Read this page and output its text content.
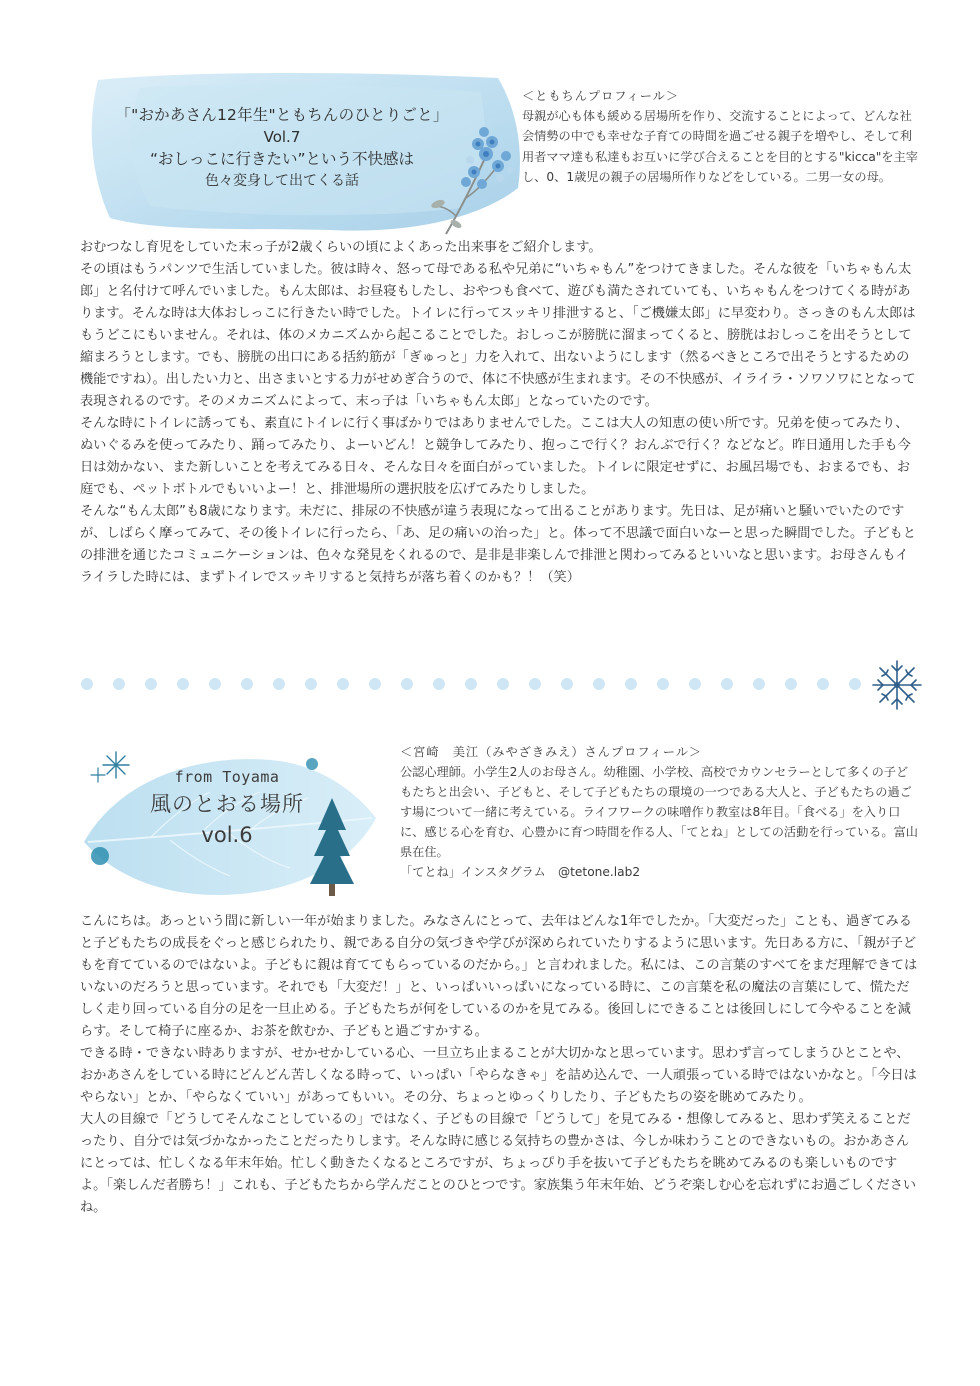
「"おかあさん12年生"ともちんのひとりごと」
Vol.7
“おしっこに行きたい”という不快感は
色々変身して出てくる話
＜ともちんプロフィール＞
母親が心も体も緩める居場所を作り、交流することによって、どんな社会情勢の中でも幸せな子育ての時間を過ごせる親子を増やし、そして利用者ママ達も私達もお互いに学び合えることを目的とする"kicca"を主宰し、0、1歳児の親子の居場所作りなどをしている。二男一女の母。

おむつなし育児をしていた末っ子が2歳くらいの頃によくあった出来事をご紹介します。

その頃はもうパンツで生活していました。彼は時々、怒って母である私や兄弟に“いちゃもん”をつけてきました。そんな彼を「いちゃもん太郎」と名付けて呼んでいました。もん太郎は、お昼寝もしたし、おやつも食べて、遊びも満たされていても、いちゃもんをつけてくる時があります。そんな時は大体おしっこに行きたい時でした。トイレに行ってスッキリ排泄すると、「ご機嫌太郎」に早変わり。さっきのもん太郎はもうどこにもいません。それは、体のメカニズムから起こることでした。おしっこが膀胱に溜まってくると、膀胱はおしっこを出そうとして縮まろうとします。でも、膀胱の出口にある括約筋が「ぎゅっと」力を入れて、出ないようにします（然るべきところで出そうとするための機能ですね）。出したい力と、出さまいとする力がせめぎ合うので、体に不快感が生まれます。その不快感が、イライラ・ソワソワにとなって表現されるのです。そのメカニズムによって、末っ子は「いちゃもん太郎」となっていたのです。

そんな時にトイレに誘っても、素直にトイレに行く事ばかりではありませんでした。ここは大人の知恵の使い所です。兄弟を使ってみたり、ぬいぐるみを使ってみたり、踊ってみたり、よーいどん！と競争してみたり、抱っこで行く？おんぶで行く？などなど。昨日通用した手も今日は効かない、また新しいことを考えてみる日々、そんな日々を面白がっていました。トイレに限定せずに、お風呂場でも、おまるでも、お庭でも、ペットボトルでもいいよー！と、排泄場所の選択肢を広げてみたりしました。

そんな“もん太郎”も8歳になります。未だに、排尿の不快感が違う表現になって出ることがあります。先日は、足が痛いと騒いでいたのですが、しばらく摩ってみて、その後トイレに行ったら、「あ、足の痛いの治った」と。体って不思議で面白いなーと思った瞬間でした。子どもとの排泄を通じたコミュニケーションは、色々な発見をくれるので、是非是非楽しんで排泄と関わってみるといいなと思います。お母さんもイライラした時には、まずトイレでスッキリすると気持ちが落ち着くのかも？！（笑）

from Toyama
風のとおる場所
vol.6
＜宮崎　美江（みやざきみえ）さんプロフィール＞
公認心理師。小学生2人のお母さん。幼稚園、小学校、高校でカウンセラーとして多くの子どもたちと出会い、子どもと、そして子どもたちの環境の一つである大人と、子どもたちの過ごす場について一緒に考えている。ライフワークの味噌作り教室は8年目。「食べる」を入り口に、感じる心を育む、心豊かに育つ時間を作る人、「てとね」としての活動を行っている。富山県在住。
「てとね」インスタグラム　@tetone.lab2

こんにちは。あっという間に新しい一年が始まりました。みなさんにとって、去年はどんな1年でしたか。「大変だった」ことも、過ぎてみると子どもたちの成長をぐっと感じられたり、親である自分の気づきや学びが深められていたりするように思います。先日ある方に、「親が子どもを育てているのではないよ。子どもに親は育ててもらっているのだから。」と言われました。私には、この言葉のすべてをまだ理解できてはいないのだろうと思っています。それでも「大変だ！」と、いっぱいいっぱいになっている時に、この言葉を私の魔法の言葉にして、慌ただしく走り回っている自分の足を一旦止める。子どもたちが何をしているのかを見てみる。後回しにできることは後回しにして今やることを減らす。そして椅子に座るか、お茶を飲むか、子どもと過ごすかする。

できる時・できない時ありますが、せかせかしている心、一旦立ち止まることが大切かなと思っています。思わず言ってしまうひとことや、おかあさんをしている時にどんどん苦しくなる時って、いっぱい「やらなきゃ」を詰め込んで、一人頑張っている時ではないかなと。「今日はやらない」とか、「やらなくていい」があってもいい。その分、ちょっとゆっくりしたり、子どもたちの姿を眺めてみたり。

大人の目線で「どうしてそんなことしているの」ではなく、子どもの目線で「どうして」を見てみる・想像してみると、思わず笑えることだったり、自分では気づかなかったことだったりします。そんな時に感じる気持ちの豊かさは、今しか味わうことのできないもの。おかあさんにとっては、忙しくなる年末年始。忙しく動きたくなるところですが、ちょっぴり手を抜いて子どもたちを眺めてみるのも楽しいものですよ。「楽しんだ者勝ち！」これも、子どもたちから学んだことのひとつです。家族集う年末年始、どうぞ楽しむ心を忘れずにお過ごしくださいね。
